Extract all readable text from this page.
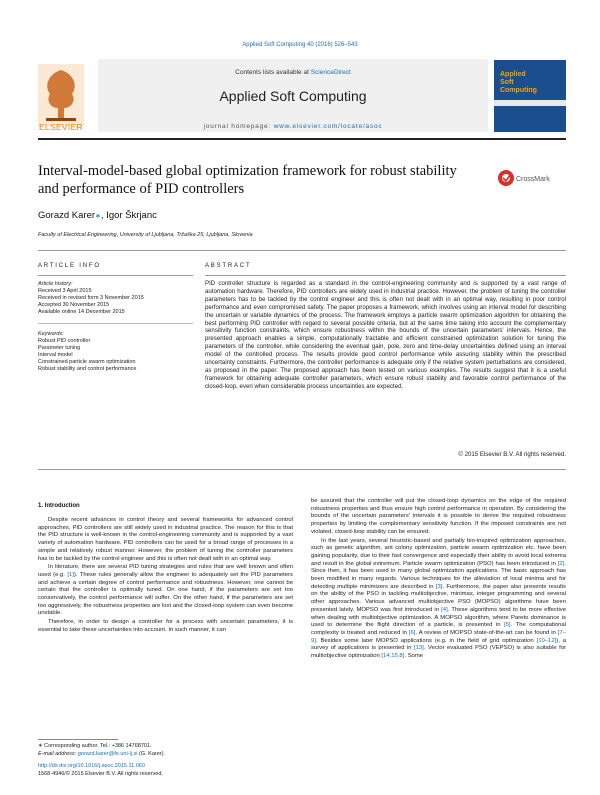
Applied Soft Computing 40 (2016) 526–543
ELSEVIER
Contents lists available at ScienceDirect
Applied Soft Computing
journal homepage: www.elsevier.com/locate/asoc
Applied
Soft
Computing
Interval-model-based global optimization framework for robust stability and performance of PID controllers
CrossMark
Gorazd Karer∗, Igor Škrjanc
Faculty of Electrical Engineering, University of Ljubljana, Tržaška 25, Ljubljana, Slovenia
ARTICLE INFO
Article history:
Received 3 April 2015
Received in revised form 3 November 2015
Accepted 30 November 2015
Available online 14 December 2015
Keywords:
Robust PID controller
Parameter tuning
Interval model
Constrained particle swarm optimization
Robust stability and control performance
ABSTRACT
PID controller structure is regarded as a standard in the control-engineering community and is supported by a vast range of automation hardware. Therefore, PID controllers are widely used in industrial practice. However, the problem of tuning the controller parameters has to be tackled by the control engineer and this is often not dealt with in an optimal way, resulting in poor control performance and even compromised safety. The paper proposes a framework, which involves using an interval model for describing the uncertain or variable dynamics of the process. The framework employs a particle swarm optimization algorithm for obtaining the best performing PID controller with regard to several possible criteria, but at the same time taking into account the complementary sensitivity function constraints, which ensure robustness within the bounds of the uncertain parameters' intervals. Hence, the presented approach enables a simple, computationally tractable and efficient constrained optimization solution for tuning the parameters of the controller, while considering the eventual gain, pole, zero and time-delay uncertainties defined using an interval model of the controlled process. The results provide good control performance while assuring stability within the prescribed uncertainty constraints. Furthermore, the controller performance is adequate only if the relative system perturbations are considered, as proposed in the paper. The proposed approach has been tested on various examples. The results suggest that it is a useful framework for obtaining adequate controller parameters, which ensure robust stability and favorable control performance of the closed-loop, even when considerable process uncertainties are expected.
© 2015 Elsevier B.V. All rights reserved.
1. Introduction

Despite recent advances in control theory and several frameworks for advanced control approaches, PID controllers are still widely used in industrial practice. The reason for this is that the PID structure is well-known in the control-engineering community and is supported by a vast variety of automation hardware. PID controllers can be used for a broad range of processes in a simple and relatively robust manner. However, the problem of tuning the controller parameters has to be tackled by the control engineer and this is often not dealt with in an optimal way.

In literature, there are several PID tuning strategies and rules that are well known and often used (e.g. [1]). These rules generally allow the engineer to adequately set the PID parameters and achieve a certain degree of control performance and robustness. However, one cannot be certain that the controller is optimally tuned. On one hand, if the parameters are set too conservatively, the control performance will suffer. On the other hand, if the parameters are set too aggressively, the robustness properties are lost and the closed-loop system can even become unstable.

Therefore, in order to design a controller for a process with uncertain parameters, it is essential to take these uncertainties into account. In such manner, it can

be assured that the controller will put the closed-loop dynamics on the edge of the required robustness properties and thus ensure high control performance in operation. By considering the bounds of the uncertain parameters' intervals it is possible to derive the required robustness properties by limiting the complementary sensitivity function. If the imposed constraints are not violated, closed-loop stability can be ensured.

In the last years, several heuristic-based and partially bio-inspired optimization approaches, such as genetic algorithm, ant colony optimization, particle swarm optimization etc. have been gaining popularity, due to their fast convergence and especially their ability to avoid local extrema and result in the global extremum. Particle swarm optimization (PSO) has been introduced in [2]. Since then, it has been used in many global optimization applications. The basic approach has been modified in many regards. Various techniques for the alleviation of local minima and for detecting multiple minimizers are described in [3]. Furthermore, the paper also presents results on the ability of the PSO in tackling multiobjective, minimax, integer programming and several other approaches. Various advanced multiobjective PSO (MOPSO) algorithms have been presented lately. MOPSO was first introduced in [4]. These algorithms tend to be more effective when dealing with multiobjective optimization. A MOPSO algorithm, where Pareto dominance is used to determine the flight direction of a particle, is presented in [5]. The computational complexity is treated and reduced in [6]. A review of MOPSO state-of-the-art can be found in [7–9]. Besides some later MOPSO applications (e.g. in the field of grid optimization [10–12]), a survey of applications is presented in [13]. Vector evaluated PSO (VEPSO) is also suitable for multiobjective optimization [14,15,8]. Some

∗ Corresponding author. Tel.: +386 14768701.
E-mail address: gorazd.karer@fe.uni-lj.si (G. Karer).
http://dx.doi.org/10.1016/j.asoc.2015.11.060
1568-4946/© 2015 Elsevier B.V. All rights reserved.
